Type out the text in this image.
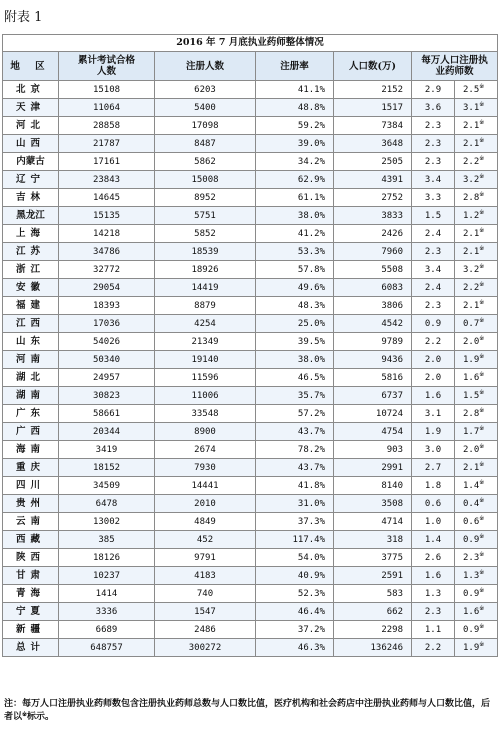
附表 1
2016 年 7 月底执业药师整体情况						
地 区	累计考试合格人数	注册人数	注册率	人口数(万)	每万人口注册执业药师数	
北京	15108	6203	41.1%	2152	2.9	2.5※
天津	11064	5400	48.8%	1517	3.6	3.1※
河北	28858	17098	59.2%	7384	2.3	2.1※
山西	21787	8487	39.0%	3648	2.3	2.1※
内蒙古	17161	5862	34.2%	2505	2.3	2.2※
辽宁	23843	15008	62.9%	4391	3.4	3.2※
吉林	14645	8952	61.1%	2752	3.3	2.8※
黑龙江	15135	5751	38.0%	3833	1.5	1.2※
上海	14218	5852	41.2%	2426	2.4	2.1※
江苏	34786	18539	53.3%	7960	2.3	2.1※
浙江	32772	18926	57.8%	5508	3.4	3.2※
安徽	29054	14419	49.6%	6083	2.4	2.2※
福建	18393	8879	48.3%	3806	2.3	2.1※
江西	17036	4254	25.0%	4542	0.9	0.7※
山东	54026	21349	39.5%	9789	2.2	2.0※
河南	50340	19140	38.0%	9436	2.0	1.9※
湖北	24957	11596	46.5%	5816	2.0	1.6※
湖南	30823	11006	35.7%	6737	1.6	1.5※
广东	58661	33548	57.2%	10724	3.1	2.8※
广西	20344	8900	43.7%	4754	1.9	1.7※
海南	3419	2674	78.2%	903	3.0	2.0※
重庆	18152	7930	43.7%	2991	2.7	2.1※
四川	34509	14441	41.8%	8140	1.8	1.4※
贵州	6478	2010	31.0%	3508	0.6	0.4※
云南	13002	4849	37.3%	4714	1.0	0.6※
西藏	385	452	117.4%	318	1.4	0.9※
陕西	18126	9791	54.0%	3775	2.6	2.3※
甘肃	10237	4183	40.9%	2591	1.6	1.3※
青海	1414	740	52.3%	583	1.3	0.9※
宁夏	3336	1547	46.4%	662	2.3	1.6※
新疆	6689	2486	37.2%	2298	1.1	0.9※
总计	648757	300272	46.3%	136246	2.2	1.9※
注：每万人口注册执业药师数包含注册执业药师总数与人口数比值，医疗机构和社会药店中注册执业药师与人口数比值，后者以※标示。
